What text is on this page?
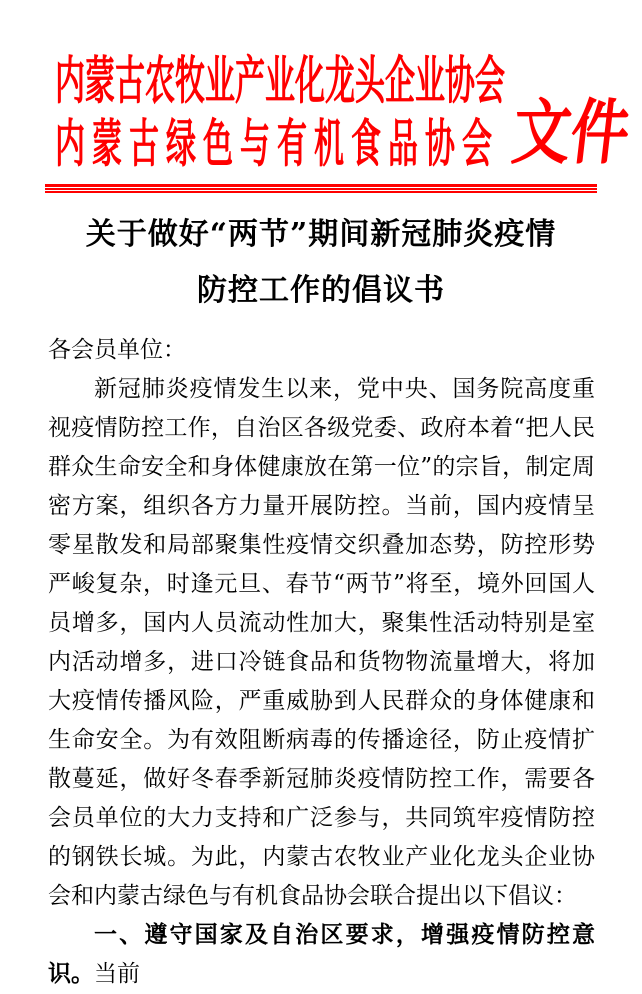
内蒙古农牧业产业化龙头企业协会
内蒙古绿色与有机食品协会 文件
关于做好“两节”期间新冠肺炎疫情
防控工作的倡议书

各会员单位：

新冠肺炎疫情发生以来，党中央、国务院高度重视疫情防控工作，自治区各级党委、政府本着“把人民群众生命安全和身体健康放在第一位”的宗旨，制定周密方案，组织各方力量开展防控。当前，国内疫情呈零星散发和局部聚集性疫情交织叠加态势，防控形势严峻复杂，时逢元旦、春节“两节”将至，境外回国人员增多，国内人员流动性加大，聚集性活动特别是室内活动增多，进口冷链食品和货物物流量增大，将加大疫情传播风险，严重威胁到人民群众的身体健康和生命安全。为有效阻断病毒的传播途径，防止疫情扩散蔓延，做好冬春季新冠肺炎疫情防控工作，需要各会员单位的大力支持和广泛参与，共同筑牢疫情防控的钢铁长城。为此，内蒙古农牧业产业化龙头企业协会和内蒙古绿色与有机食品协会联合提出以下倡议：

一、遵守国家及自治区要求，增强疫情防控意识。当前
